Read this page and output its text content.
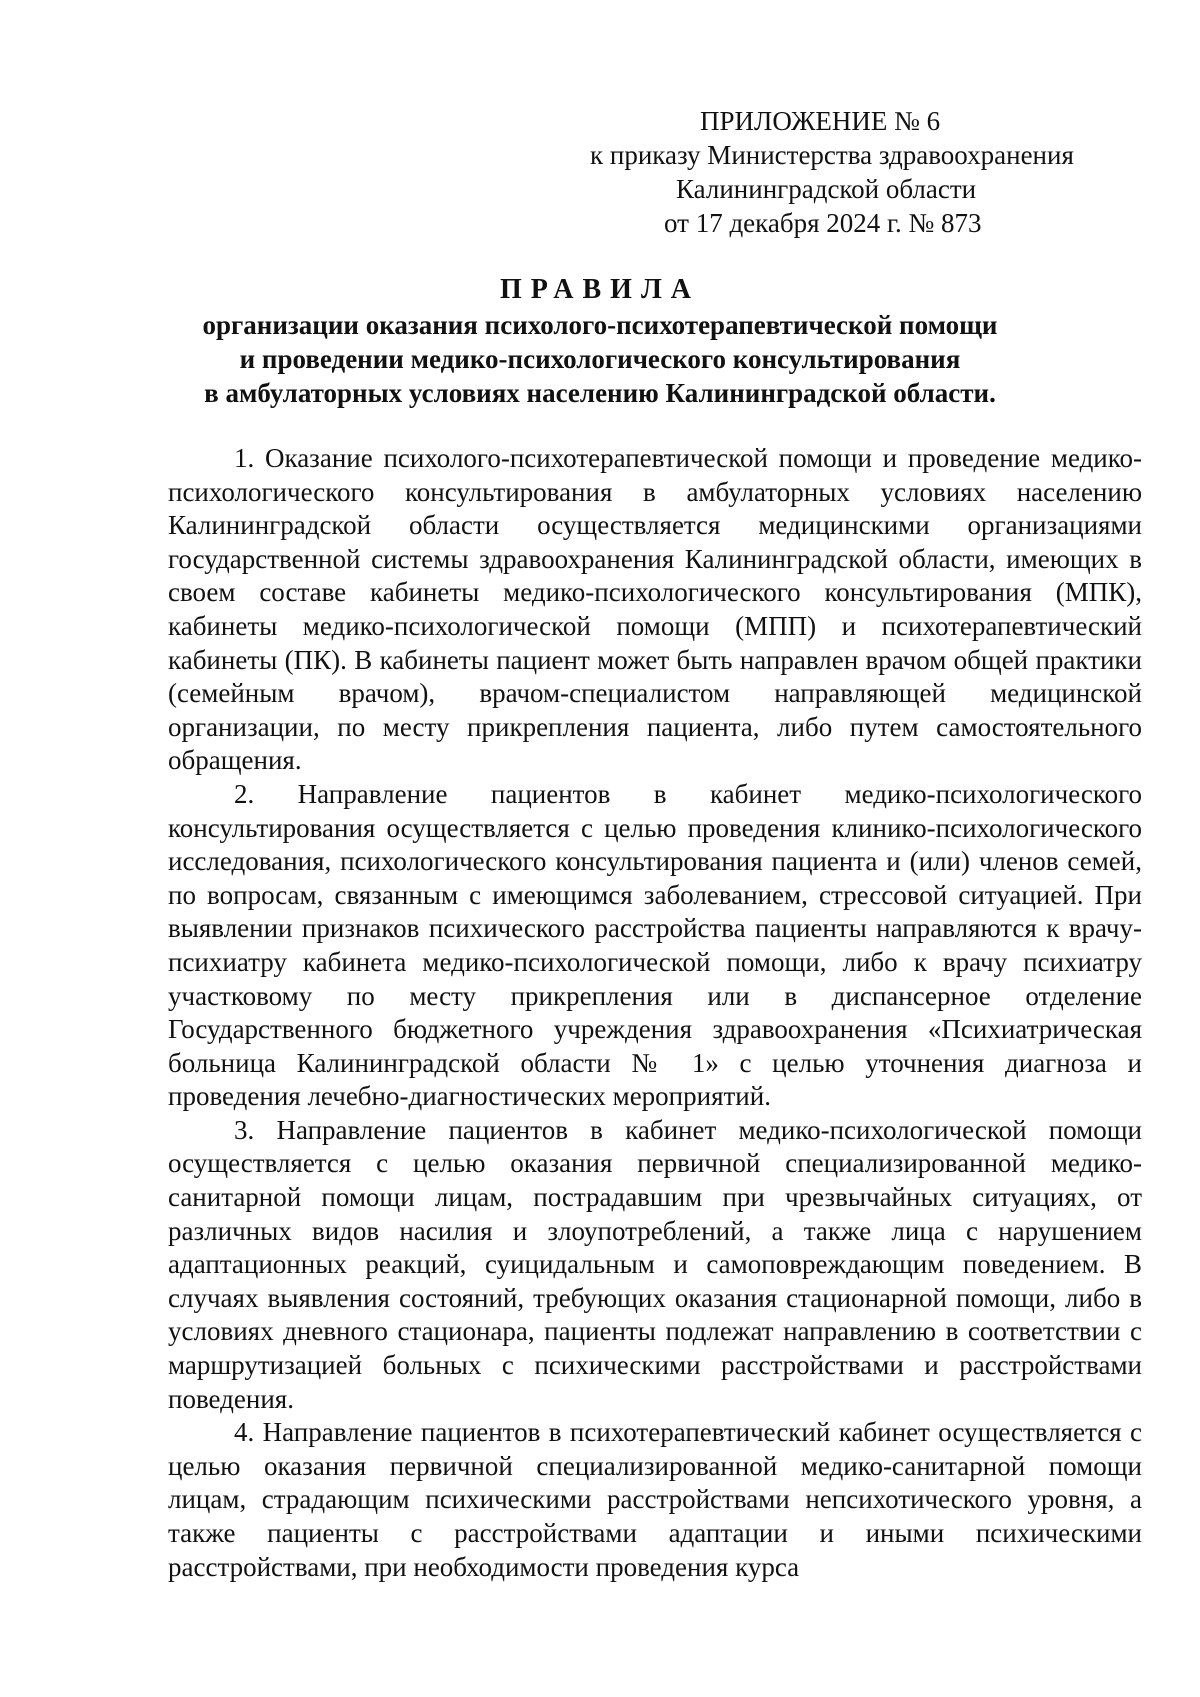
ПРИЛОЖЕНИЕ № 6
к приказу Министерства здравоохранения
Калининградской области
от 17 декабря 2024 г. № 873
ПРАВИЛА
организации оказания психолого-психотерапевтической помощи
и проведении медико-психологического консультирования
в амбулаторных условиях населению Калининградской области.

1. Оказание психолого-психотерапевтической помощи и проведение медико-психологического консультирования в амбулаторных условиях населению Калининградской области осуществляется медицинскими организациями государственной системы здравоохранения Калининградской области, имеющих в своем составе кабинеты медико-психологического консультирования (МПК), кабинеты медико-психологической помощи (МПП) и психотерапевтический кабинеты (ПК). В кабинеты пациент может быть направлен врачом общей практики (семейным врачом), врачом-специалистом направляющей медицинской организации, по месту прикрепления пациента, либо путем самостоятельного обращения.

2. Направление пациентов в кабинет медико-психологического консультирования осуществляется с целью проведения клинико-психологического исследования, психологического консультирования пациента и (или) членов семей, по вопросам, связанным с имеющимся заболеванием, стрессовой ситуацией. При выявлении признаков психического расстройства пациенты направляются к врачу-психиатру кабинета медико-психологической помощи, либо к врачу психиатру участковому по месту прикрепления или в диспансерное отделение Государственного бюджетного учреждения здравоохранения «Психиатрическая больница Калининградской области № 1» с целью уточнения диагноза и проведения лечебно-диагностических мероприятий.

3. Направление пациентов в кабинет медико-психологической помощи осуществляется с целью оказания первичной специализированной медико-санитарной помощи лицам, пострадавшим при чрезвычайных ситуациях, от различных видов насилия и злоупотреблений, а также лица с нарушением адаптационных реакций, суицидальным и самоповреждающим поведением. В случаях выявления состояний, требующих оказания стационарной помощи, либо в условиях дневного стационара, пациенты подлежат направлению в соответствии с маршрутизацией больных с психическими расстройствами и расстройствами поведения.

4. Направление пациентов в психотерапевтический кабинет осуществляется с целью оказания первичной специализированной медико-санитарной помощи лицам, страдающим психическими расстройствами непсихотического уровня, а также пациенты с расстройствами адаптации и иными психическими расстройствами, при необходимости проведения курса
